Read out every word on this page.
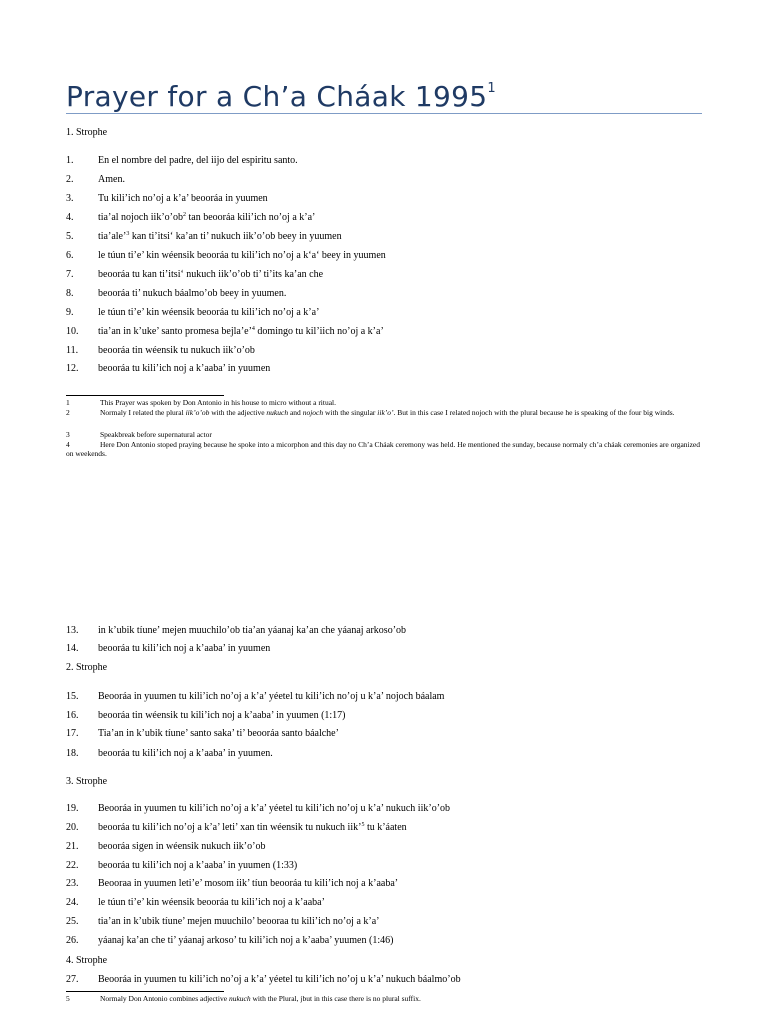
Prayer for a Ch’a Cháak 1995$^1$
1. Strophe
2. Strophe
3. Strophe
4. Strophe
1. En el nombre del padre, del iijo del espiritu santo.
2. Amen.
3. Tu kili’ich no’oj a k’a’ beooráa in yuumen
4. tia’al nojoch $iik’o’ob^2$ tan beooráa kili’ich no’oj a k’a’
5. tia’ale’$^3$ kan ti’itsi‘ ka’an ti’ nukuch iik’o’ob beey in yuumen
6. le túun ti’e’ kin wéensik beooráa tu kili’ich no’oj a k‘a‘ beey in yuumen
7. beooráa tu kan ti’itsi‘ nukuch iik’o’ob ti’ ti’its ka’an che
8. beooráa ti’ nukuch báalmo’ob beey in yuumen.
9. le túun ti’e’ kin wéensik beooráa tu kili’ich no’oj a k’a’
10. tia’an in k’uke’ santo promesa bejla’e’$^4$ domingo tu kil’iich no’oj a k’a’
11. beooráa tin wéensik tu nukuch iik’o’ob
12. beooráa tu kili’ich noj a k’aaba’ in yuumen
13. in k’ubik tíune’ mejen muuchilo’ob tia’an yáanaj ka’an che yáanaj arkoso’ob
14. beooráa tu kili’ich noj a k’aaba’ in yuumen
15. Beooráa in yuumen tu kili’ich no’oj a k’a’ yéetel tu kili’ich no’oj u k’a’ nojoch báalam
16. beooráa tin wéensik tu kili’ich noj a k’aaba’ in yuumen (1:17)
17. Tia’an in k’ubik tíune’ santo saka’ ti’ beooráa santo báalche’
18. beooráa tu kili’ich noj a k’aaba’ in yuumen.
19. Beooráa in yuumen tu kili’ich no’oj a k’a’ yéetel tu kili’ich no’oj u k’a’ nukuch iik’o’ob
20. beooráa tu kili’ich no’oj a k’a’ leti’ xan tin wéensik tu nukuch iik’$^5$ tu k’áaten
21. beooráa sigen in wéensik nukuch iik’o’ob
22. beooráa tu kili’ich noj a k’aaba’ in yuumen (1:33)
23. Beooraa in yuumen leti’e’ mosom iik’ tíun beooráa tu kili’ich noj a k’aaba’
24. le túun ti’e’ kin wéensik beooráa tu kili’ich noj a k’aaba’
25. tia’an in k’ubik tíune’ mejen muuchilo’ beooraa tu kili’ich no’oj a k’a’
26. yáanaj ka’an che ti’ yáanaj arkoso’ tu kili’ich noj a k’aaba’ yuumen (1:46)
27. Beooráa in yuumen tu kili’ich no’oj a k’a’ yéetel tu kili’ich no’oj u k’a’ nukuch báalmo’ob
1	This Prayer was spoken by Don Antonio in his house to micro without a ritual.
2	Normaly I related the plural iik’o’ob with the adjective nukuch and nojoch with the singular iik’o’. But in this case I related nojoch with the plural because he is speaking of the four big winds.
3	Speakbreak before supernatural actor
4	Here Don Antonio stoped praying because he spoke into a micorphon and this day no Ch’a Cháak ceremony was held. He mentioned the sunday, because normaly ch’a cháak ceremonies are organized on weekends.
5	Normaly Don Antonio combines adjective nukuch with the Plural, jbut in this case there is no plural suffix.
